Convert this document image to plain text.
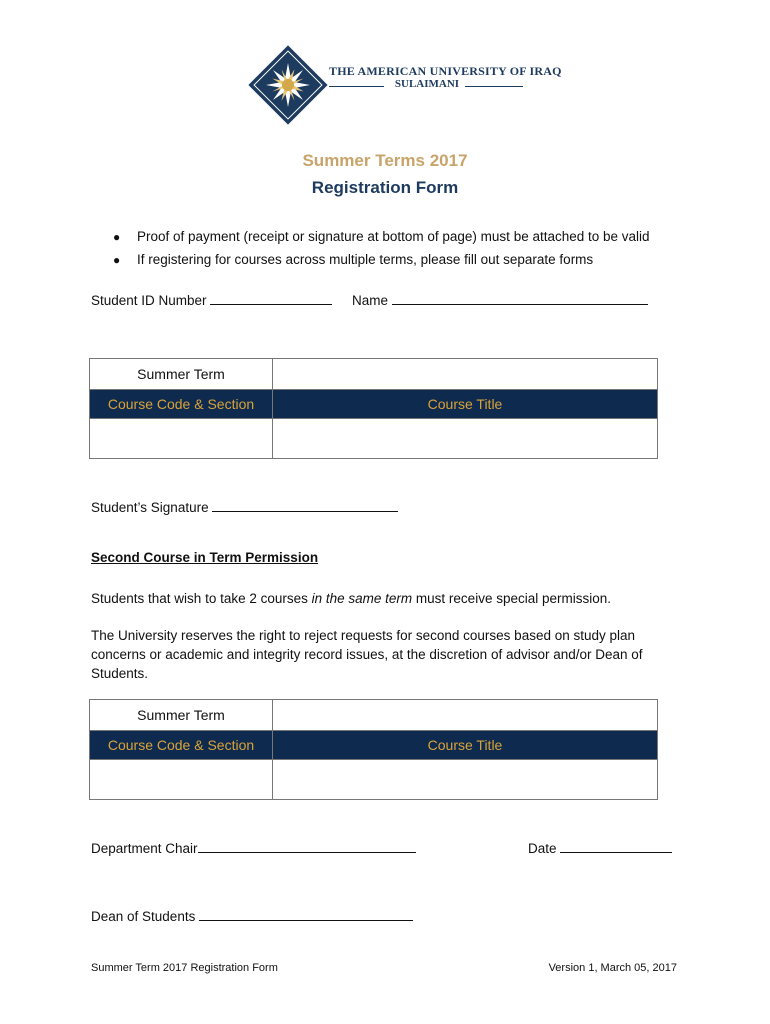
THE AMERICAN UNIVERSITY OF IRAQ
SULAIMANI
Summer Terms 2017
Registration Form
●	Proof of payment (receipt or signature at bottom of page) must be attached to be valid
●	If registering for courses across multiple terms, please fill out separate forms
Student ID Number	Name
Summer Term	
Course Code & Section	Course Title

Student’s Signature
Second Course in Term Permission
Students that wish to take 2 courses in the same term must receive special permission.
The University reserves the right to reject requests for second courses based on study plan concerns or academic and integrity record issues, at the discretion of advisor and/or Dean of Students.
Summer Term	
Course Code & Section	Course Title

Department Chair	Date
Dean of Students
Summer Term 2017 Registration Form	Version 1, March 05, 2017
